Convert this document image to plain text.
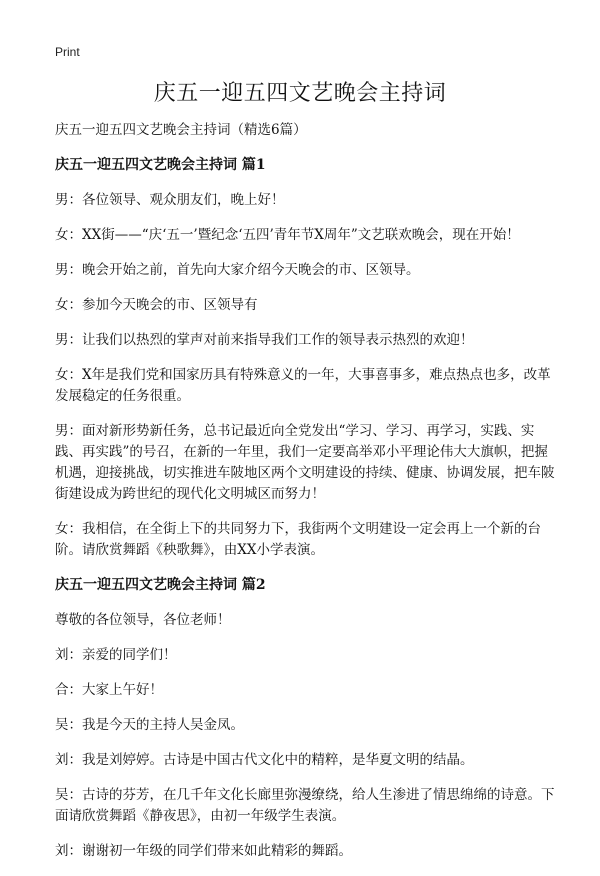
Print
庆五一迎五四文艺晚会主持词

庆五一迎五四文艺晚会主持词（精选6篇）

庆五一迎五四文艺晚会主持词 篇1

男：各位领导、观众朋友们，晚上好！

女：XX街——“庆‘五一’暨纪念‘五四’青年节X周年”文艺联欢晚会，现在开始！

男：晚会开始之前，首先向大家介绍今天晚会的市、区领导。

女：参加今天晚会的市、区领导有

男：让我们以热烈的掌声对前来指导我们工作的领导表示热烈的欢迎！

女：X年是我们党和国家历具有特殊意义的一年，大事喜事多，难点热点也多，改革发展稳定的任务很重。

男：面对新形势新任务，总书记最近向全党发出“学习、学习、再学习，实践、实践、再实践”的号召，在新的一年里，我们一定要高举邓小平理论伟大大旗帜，把握机遇，迎接挑战，切实推进车陂地区两个文明建设的持续、健康、协调发展，把车陂街建设成为跨世纪的现代化文明城区而努力！

女：我相信，在全街上下的共同努力下，我街两个文明建设一定会再上一个新的台阶。请欣赏舞蹈《秧歌舞》，由XX小学表演。

庆五一迎五四文艺晚会主持词 篇2

尊敬的各位领导，各位老师！

刘：亲爱的同学们！

合：大家上午好！

吴：我是今天的主持人吴金凤。

刘：我是刘婷婷。古诗是中国古代文化中的精粹，是华夏文明的结晶。

吴：古诗的芬芳，在几千年文化长廊里弥漫缭绕，给人生渗进了情思绵绵的诗意。下面请欣赏舞蹈《静夜思》，由初一年级学生表演。

刘：谢谢初一年级的同学们带来如此精彩的舞蹈。
